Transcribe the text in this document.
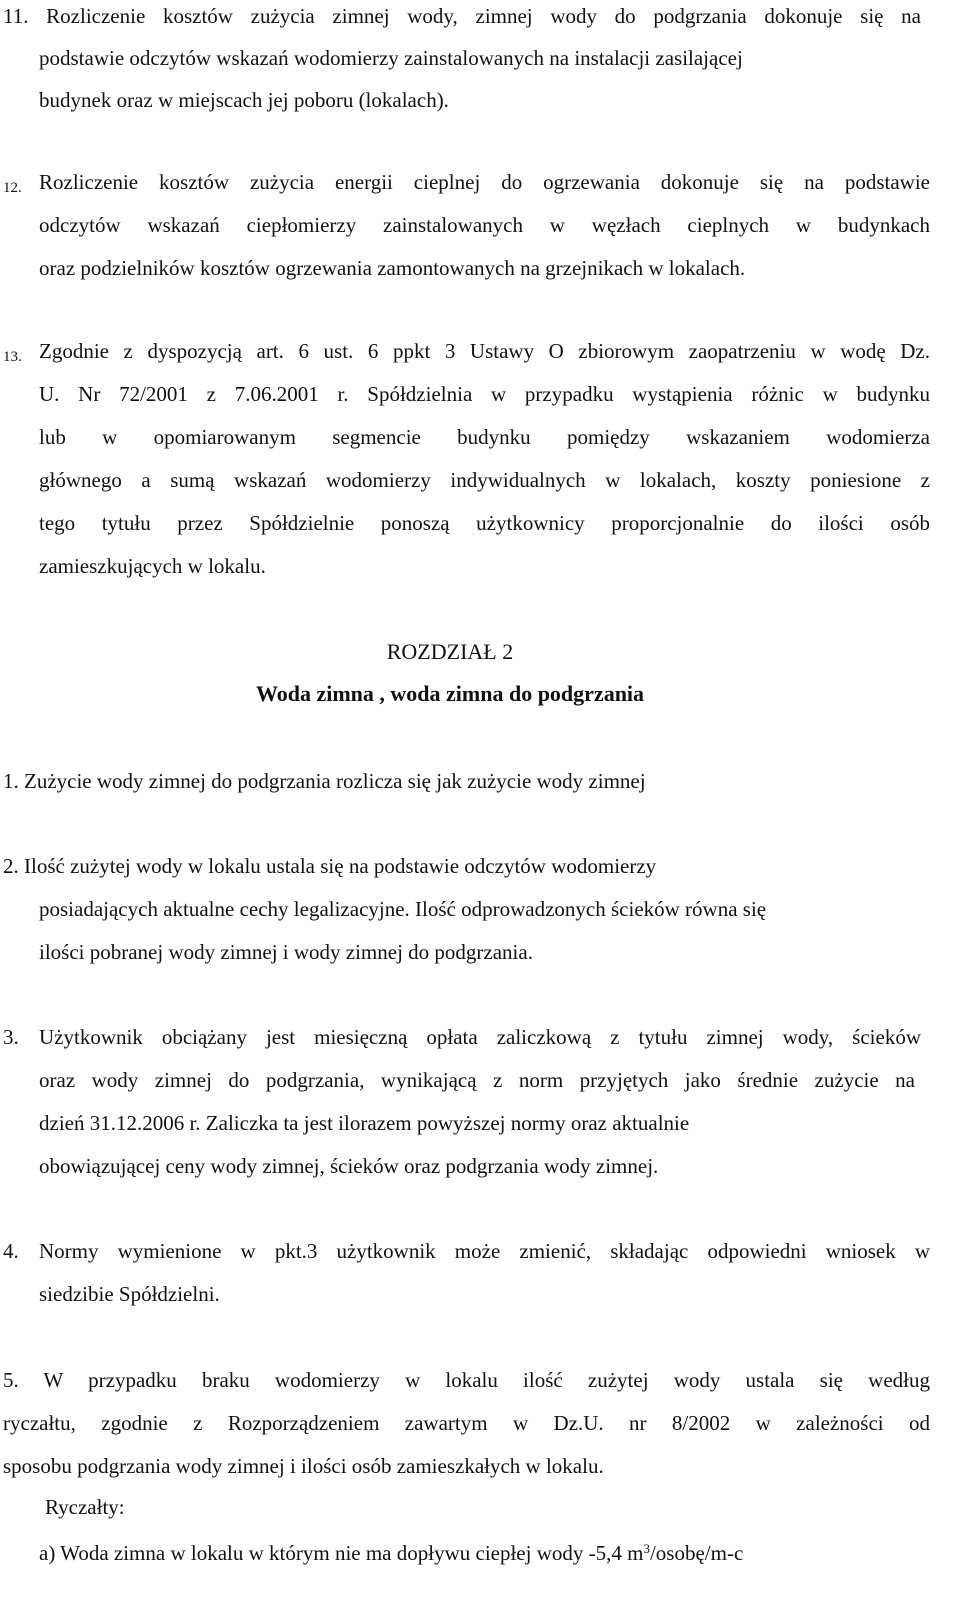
11. Rozliczenie kosztów zużycia zimnej wody, zimnej wody do podgrzania dokonuje się na
podstawie odczytów wskazań wodomierzy zainstalowanych na instalacji zasilającej
budynek oraz w miejscach jej poboru (lokalach).
12. Rozliczenie kosztów zużycia energii cieplnej do ogrzewania dokonuje się na podstawie
odczytów wskazań ciepłomierzy zainstalowanych w węzłach cieplnych w budynkach
oraz podzielników kosztów ogrzewania zamontowanych na grzejnikach w lokalach.
13. Zgodnie z dyspozycją art. 6 ust. 6 ppkt 3 Ustawy O zbiorowym zaopatrzeniu w wodę Dz.
U. Nr 72/2001 z 7.06.2001 r. Spółdzielnia w przypadku wystąpienia różnic w budynku
lub w opomiarowanym segmencie budynku pomiędzy wskazaniem wodomierza
głównego a sumą wskazań wodomierzy indywidualnych w lokalach, koszty poniesione z
tego tytułu przez Spółdzielnie ponoszą użytkownicy proporcjonalnie do ilości osób
zamieszkujących w lokalu.
ROZDZIAŁ 2
Woda zimna , woda zimna do podgrzania
1. Zużycie wody zimnej do podgrzania rozlicza się jak zużycie wody zimnej
2. Ilość zużytej wody w lokalu ustala się na podstawie odczytów wodomierzy
posiadających aktualne cechy legalizacyjne. Ilość odprowadzonych ścieków równa się
ilości pobranej wody zimnej i wody zimnej do podgrzania.
3. Użytkownik obciążany jest miesięczną opłata zaliczkową z tytułu zimnej wody, ścieków
oraz wody zimnej do podgrzania, wynikającą z norm przyjętych jako średnie zużycie na
dzień 31.12.2006 r. Zaliczka ta jest ilorazem powyższej normy oraz aktualnie
obowiązującej ceny wody zimnej, ścieków oraz podgrzania wody zimnej.
4. Normy wymienione w pkt.3 użytkownik może zmienić, składając odpowiedni wniosek w
siedzibie Spółdzielni.
5. W przypadku braku wodomierzy w lokalu ilość zużytej wody ustala się według
ryczałtu, zgodnie z Rozporządzeniem zawartym w Dz.U. nr 8/2002 w zależności od
sposobu podgrzania wody zimnej i ilości osób zamieszkałych w lokalu.
Ryczałty:
a) Woda zimna w lokalu w którym nie ma dopływu ciepłej wody -5,4 $m^3/osobę/m-c$
